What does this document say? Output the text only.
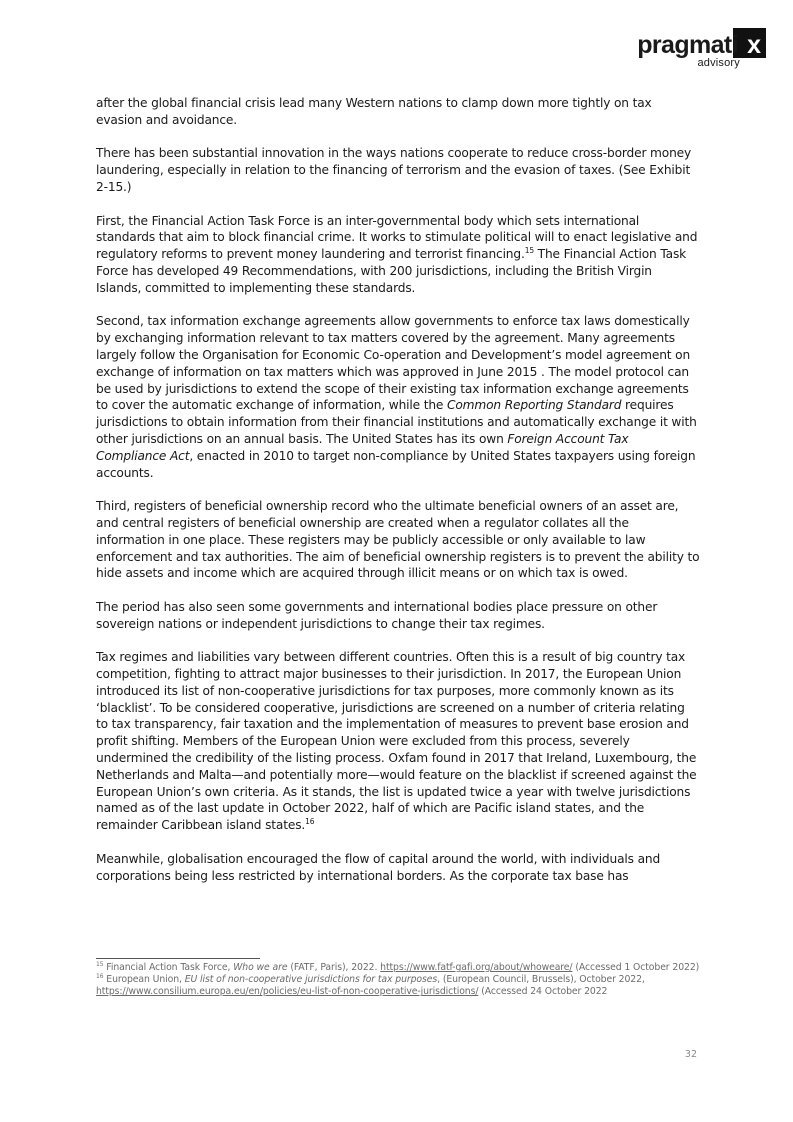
pragmati x
advisory

after the global financial crisis lead many Western nations to clamp down more tightly on tax evasion and avoidance.

There has been substantial innovation in the ways nations cooperate to reduce cross-border money laundering, especially in relation to the financing of terrorism and the evasion of taxes. (See Exhibit 2-15.)

First, the Financial Action Task Force is an inter-governmental body which sets international standards that aim to block financial crime. It works to stimulate political will to enact legislative and regulatory reforms to prevent money laundering and terrorist financing.$^{15}$ The Financial Action Task Force has developed 49 Recommendations, with 200 jurisdictions, including the British Virgin Islands, committed to implementing these standards.

Second, tax information exchange agreements allow governments to enforce tax laws domestically by exchanging information relevant to tax matters covered by the agreement. Many agreements largely follow the Organisation for Economic Co-operation and Development’s model agreement on exchange of information on tax matters which was approved in June 2015 . The model protocol can be used by jurisdictions to extend the scope of their existing tax information exchange agreements to cover the automatic exchange of information, while the Common Reporting Standard requires jurisdictions to obtain information from their financial institutions and automatically exchange it with other jurisdictions on an annual basis. The United States has its own Foreign Account Tax Compliance Act, enacted in 2010 to target non-compliance by United States taxpayers using foreign accounts.

Third, registers of beneficial ownership record who the ultimate beneficial owners of an asset are, and central registers of beneficial ownership are created when a regulator collates all the information in one place. These registers may be publicly accessible or only available to law enforcement and tax authorities. The aim of beneficial ownership registers is to prevent the ability to hide assets and income which are acquired through illicit means or on which tax is owed.

The period has also seen some governments and international bodies place pressure on other sovereign nations or independent jurisdictions to change their tax regimes.

Tax regimes and liabilities vary between different countries. Often this is a result of big country tax competition, fighting to attract major businesses to their jurisdiction. In 2017, the European Union introduced its list of non-cooperative jurisdictions for tax purposes, more commonly known as its ‘blacklist’. To be considered cooperative, jurisdictions are screened on a number of criteria relating to tax transparency, fair taxation and the implementation of measures to prevent base erosion and profit shifting. Members of the European Union were excluded from this process, severely undermined the credibility of the listing process. Oxfam found in 2017 that Ireland, Luxembourg, the Netherlands and Malta—and potentially more—would feature on the blacklist if screened against the European Union’s own criteria. As it stands, the list is updated twice a year with twelve jurisdictions named as of the last update in October 2022, half of which are Pacific island states, and the remainder Caribbean island states.$^{16}$

Meanwhile, globalisation encouraged the flow of capital around the world, with individuals and corporations being less restricted by international borders. As the corporate tax base has

$^{15}$ Financial Action Task Force, Who we are (FATF, Paris), 2022. https://www.fatf-gafi.org/about/whoweare/ (Accessed 1 October 2022)
$^{16}$ European Union, EU list of non-cooperative jurisdictions for tax purposes, (European Council, Brussels), October 2022, https://www.consilium.europa.eu/en/policies/eu-list-of-non-cooperative-jurisdictions/ (Accessed 24 October 2022
32
